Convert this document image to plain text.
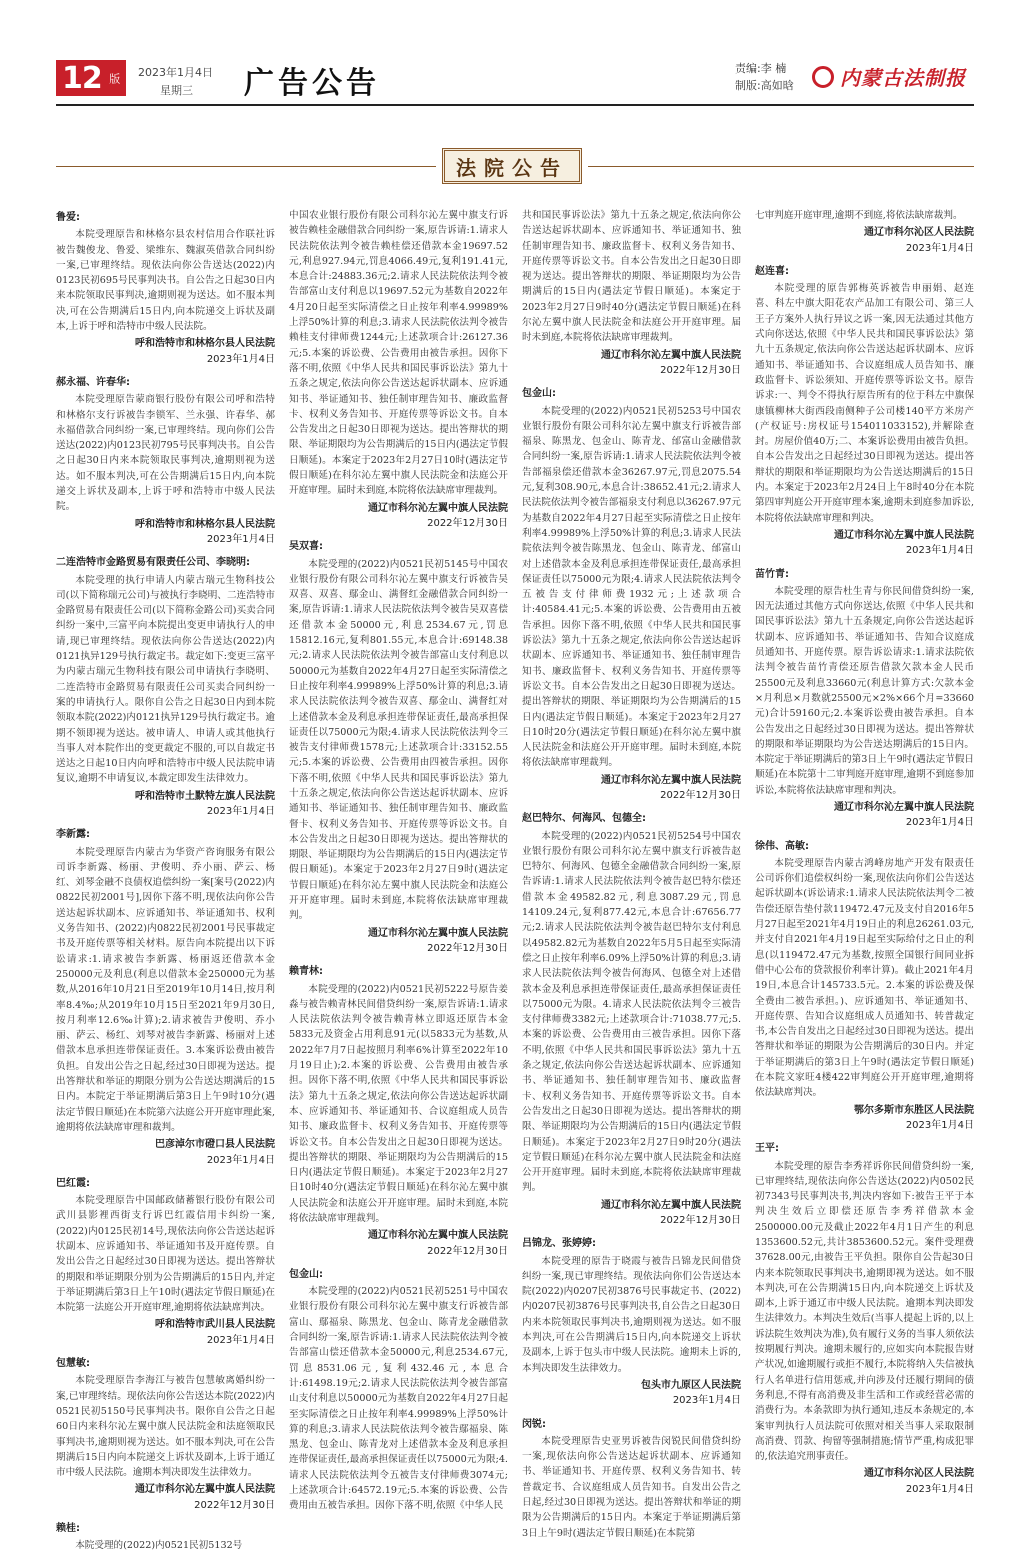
12 版 2023年1月4日
星期三 广告公告	责编:李 楠
制版:高如晗 内蒙古法制报
法院公告
鲁爱:

本院受理原告和林格尔县农村信用合作联社诉被告魏俊龙、鲁爱、梁维东、魏淑英借款合同纠纷一案,已审理终结。现依法向你公告送达(2022)内0123民初695号民事判决书。自公告之日起30日内来本院领取民事判决,逾期则视为送达。如不服本判决,可在公告期满后15日内,向本院递交上诉状及副本,上诉于呼和浩特市中级人民法院。

呼和浩特市和林格尔县人民法院
2023年1月4日
郝永福、许春华:

本院受理原告蒙商银行股份有限公司呼和浩特和林格尔支行诉被告李锁军、兰永强、许春华、郝永福借款合同纠纷一案,已审理终结。现向你们公告送达(2022)内0123民初795号民事判决书。自公告之日起30日内来本院领取民事判决,逾期则视为送达。如不服本判决,可在公告期满后15日内,向本院递交上诉状及副本,上诉于呼和浩特市中级人民法院。

呼和浩特市和林格尔县人民法院
2023年1月4日
二连浩特市金路贸易有限责任公司、李晓明:

本院受理的执行申请人内蒙古瑞元生物科技公司(以下简称瑞元公司)与被执行李晓明、二连浩特市金路贸易有限责任公司(以下简称金路公司)买卖合同纠纷一案中,三富平向本院提出变更申请执行人的申请,现已审理终结。现依法向你公告送达(2022)内0121执异129号执行裁定书。裁定如下:变更三富平为内蒙古瑞元生物科技有限公司申请执行李晓明、二连浩特市金路贸易有限责任公司买卖合同纠纷一案的申请执行人。限你自公告之日起30日内到本院领取本院(2022)内0121执异129号执行裁定书。逾期不领即视为送达。被申请人、申请人或其他执行当事人对本院作出的变更裁定不服的,可以自裁定书送达之日起10日内向呼和浩特市中级人民法院申请复议,逾期不申请复议,本裁定即发生法律效力。

呼和浩特市土默特左旗人民法院
2023年1月4日
李新露:

本院受理原告内蒙古为华资产咨询服务有限公司诉李新露、杨丽、尹俊明、乔小丽、萨云、杨红、刘琴金融不良债权追偿纠纷一案[案号(2022)内0822民初2001号],因你下落不明,现依法向你公告送达起诉状副本、应诉通知书、举证通知书、权利义务告知书、(2022)内0822民初2001号民事裁定书及开庭传票等相关材料。原告向本院提出以下诉讼请求:1.请求被告李新露、杨丽返还借款本金250000元及利息(利息以借款本金250000元为基数,从2016年10月21日至2019年10月14日,按月利率8.4‰;从2019年10月15日至2021年9月30日,按月利率12.6‰计算);2.请求被告尹俊明、乔小丽、萨云、杨红、刘琴对被告李新露、杨丽对上述借款本息承担连带保证责任。3.本案诉讼费由被告负担。自发出公告之日起,经过30日即视为送达。提出答辩状和举证的期限分别为公告送达期满后的15日内。本院定于举证期满后第3日上午9时10分(遇法定节假日顺延)在本院第六法庭公开开庭审理此案,逾期将依法缺席审理和裁判。

巴彦淖尔市磴口县人民法院
2023年1月4日
巴红霞:

本院受理原告中国邮政储蓄银行股份有限公司武川县影裡西街支行诉巴红霞信用卡纠纷一案,(2022)内0125民初14号,现依法向你公告送达起诉状副本、应诉通知书、举证通知书及开庭传票。自发出公告之日起经过30日即视为送达。提出答辩状的期限和举证期限分别为公告期满后的15日内,并定于举证期满后第3日上午10时(遇法定节假日顺延)在本院第一法庭公开开庭审理,逾期将依法缺席判决。

呼和浩特市武川县人民法院
2023年1月4日
包慧敏:

本院受理原告李海江与被告包慧敏离婚纠纷一案,已审理终结。现依法向你公告送达本院(2022)内0521民初5150号民事判决书。限你自公告之日起60日内来科尔沁左翼中旗人民法院金和法庭领取民事判决书,逾期则视为送达。如不服本判决,可在公告期满后15日内向本院递交上诉状及副本,上诉于通辽市中级人民法院。逾期本判决即发生法律效力。

通辽市科尔沁左翼中旗人民法院
2022年12月30日
赖桂:

本院受理的(2022)内0521民初5132号

中国农业银行股份有限公司科尔沁左翼中旗支行诉被告赖桂金融借款合同纠纷一案,原告诉请:1.请求人民法院依法判令被告赖桂偿还借款本金19697.52元,利息927.94元,罚息4066.49元,复利191.41元,本息合计:24883.36元;2.请求人民法院依法判令被告部富山支付利息以19697.52元为基数自2022年4月20日起至实际清偿之日止按年利率4.99989%上浮50%计算的利息;3.请求人民法院依法判令被告赖桂支付律师费1244元;上述款项合计:26127.36元;5.本案的诉讼费、公告费用由被告承担。因你下落不明,依照《中华人民共和国民事诉讼法》第九十五条之规定,依法向你公告送达起诉状副本、应诉通知书、举证通知书、独任制审理告知书、廉政监督卡、权利义务告知书、开庭传票等诉讼文书。自本公告发出之日起30日即视为送达。提出答辩状的期限、举证期限均为公告期满后的15日内(遇法定节假日顺延)。本案定于2023年2月27日10时(遇法定节假日顺延)在科尔沁左翼中旗人民法院金和法庭公开开庭审理。届时未到庭,本院将依法缺席审理裁判。

通辽市科尔沁左翼中旗人民法院
2022年12月30日
吴双喜:

本院受理的(2022)内0521民初5145号中国农业银行股份有限公司科尔沁左翼中旗支行诉被告吴双喜、双喜、鄢金山、满督红金融借款合同纠纷一案,原告诉请:1.请求人民法院依法判令被告吴双喜偿还借款本金50000元,利息2534.67元,罚息15812.16元,复利801.55元,本息合计:69148.38元;2.请求人民法院依法判令被告部富山支付利息以50000元为基数自2022年4月27日起至实际清偿之日止按年利率4.99989%上浮50%计算的利息;3.请求人民法院依法判令被告双喜、鄢金山、满督红对上述借款本金及利息承担连带保证责任,最高承担保证责任以75000元为限;4.请求人民法院依法判令三被告支付律师费1578元;上述款项合计:33152.55元;5.本案的诉讼费、公告费用由四被告承担。因你下落不明,依照《中华人民共和国民事诉讼法》第九十五条之规定,依法向你公告送达起诉状副本、应诉通知书、举证通知书、独任制审理告知书、廉政监督卡、权利义务告知书、开庭传票等诉讼文书。自本公告发出之日起30日即视为送达。提出答辩状的期限、举证期限均为公告期满后的15日内(遇法定节假日顺延)。本案定于2023年2月27日9时(遇法定节假日顺延)在科尔沁左翼中旗人民法院金和法庭公开开庭审理。届时未到庭,本院将依法缺席审理裁判。

通辽市科尔沁左翼中旗人民法院
2022年12月30日
赖青林:

本院受理的(2022)内0521民初5222号原告姜淼与被告赖青林民间借贷纠纷一案,原告诉请:1.请求人民法院依法判令被告赖青林立即返还原告本金5833元及资金占用利息91元(以5833元为基数,从2022年7月7日起按照月利率6%计算至2022年10月19日止);2.本案的诉讼费、公告费用由被告承担。因你下落不明,依照《中华人民共和国民事诉讼法》第九十五条之规定,依法向你公告送达起诉状副本、应诉通知书、举证通知书、合议庭组成人员告知书、廉政监督卡、权利义务告知书、开庭传票等诉讼文书。自本公告发出之日起30日即视为送达。提出答辩状的期限、举证期限均为公告期满后的15日内(遇法定节假日顺延)。本案定于2023年2月27日10时40分(遇法定节假日顺延)在科尔沁左翼中旗人民法院金和法庭公开开庭审理。届时未到庭,本院将依法缺席审理裁判。

通辽市科尔沁左翼中旗人民法院
2022年12月30日
包金山:

本院受理的(2022)内0521民初5251号中国农业银行股份有限公司科尔沁左翼中旗支行诉被告部富山、鄢福泉、陈黑龙、包金山、陈青龙金融借款合同纠纷一案,原告诉请:1.请求人民法院依法判令被告部富山偿还借款本金50000元,利息2534.67元,罚息8531.06元,复利432.46元,本息合计:61498.19元;2.请求人民法院依法判令被告部富山支付利息以50000元为基数自2022年4月27日起至实际清偿之日止按年利率4.99989%上浮50%计算的利息;3.请求人民法院依法判令被告鄢福泉、陈黑龙、包金山、陈青龙对上述借款本金及利息承担连带保证责任,最高承担保证责任以75000元为限;4.请求人民法院依法判令五被告支付律师费3074元;上述款项合计:64572.19元;5.本案的诉讼费、公告费用由五被告承担。因你下落不明,依照《中华人民

共和国民事诉讼法》第九十五条之规定,依法向你公告送达起诉状副本、应诉通知书、举证通知书、独任制审理告知书、廉政监督卡、权利义务告知书、开庭传票等诉讼文书。自本公告发出之日起30日即视为送达。提出答辩状的期限、举证期限均为公告期满后的15日内(遇法定节假日顺延)。本案定于2023年2月27日9时40分(遇法定节假日顺延)在科尔沁左翼中旗人民法院金和法庭公开开庭审理。届时未到庭,本院将依法缺席审理裁判。

通辽市科尔沁左翼中旗人民法院
2022年12月30日
包金山:

本院受理的(2022)内0521民初5253号中国农业银行股份有限公司科尔沁左翼中旗支行诉被告部福泉、陈黑龙、包金山、陈青龙、邰富山金融借款合同纠纷一案,原告诉请:1.请求人民法院依法判令被告部福泉偿还借款本金36267.97元,罚息2075.54元,复利308.90元,本息合计:38652.41元;2.请求人民法院依法判令被告部福泉支付利息以36267.97元为基数自2022年4月27日起至实际清偿之日止按年利率4.99989%上浮50%计算的利息;3.请求人民法院依法判令被告陈黑龙、包金山、陈青龙、邰富山对上述借款本金及利息承担连带保证责任,最高承担保证责任以75000元为限;4.请求人民法院依法判令五被告支付律师费1932元;上述款项合计:40584.41元;5.本案的诉讼费、公告费用由五被告承担。因你下落不明,依照《中华人民共和国民事诉讼法》第九十五条之规定,依法向你公告送达起诉状副本、应诉通知书、举证通知书、独任制审理告知书、廉政监督卡、权利义务告知书、开庭传票等诉讼文书。自本公告发出之日起30日即视为送达。提出答辩状的期限、举证期限均为公告期满后的15日内(遇法定节假日顺延)。本案定于2023年2月27日10时20分(遇法定节假日顺延)在科尔沁左翼中旗人民法院金和法庭公开开庭审理。届时未到庭,本院将依法缺席审理裁判。

通辽市科尔沁左翼中旗人民法院
2022年12月30日
赵巴特尔、何海风、包德全:

本院受理的(2022)内0521民初5254号中国农业银行股份有限公司科尔沁左翼中旗支行诉被告赵巴特尔、何海风、包德全金融借款合同纠纷一案,原告诉请:1.请求人民法院依法判令被告赵巴特尔偿还借款本金49582.82元,利息3087.29元,罚息14109.24元,复利877.42元,本息合计:67656.77元;2.请求人民法院依法判令被告赵巴特尔支付利息以49582.82元为基数自2022年5月5日起至实际清偿之日止按年利率6.09%上浮50%计算的利息;3.请求人民法院依法判令被告何海风、包德全对上述借款本金及利息承担连带保证责任,最高承担保证责任以75000元为限。4.请求人民法院依法判令三被告支付律师费3382元;上述款项合计:71038.77元;5.本案的诉讼费、公告费用由三被告承担。因你下落不明,依照《中华人民共和国民事诉讼法》第九十五条之规定,依法向你公告送达起诉状副本、应诉通知书、举证通知书、独任制审理告知书、廉政监督卡、权利义务告知书、开庭传票等诉讼文书。自本公告发出之日起30日即视为送达。提出答辩状的期限、举证期限均为公告期满后的15日内(遇法定节假日顺延)。本案定于2023年2月27日9时20分(遇法定节假日顺延)在科尔沁左翼中旗人民法院金和法庭公开开庭审理。届时未到庭,本院将依法缺席审理裁判。

通辽市科尔沁左翼中旗人民法院
2022年12月30日
吕锦龙、张婷婷:

本院受理的原告于晓霞与被告吕锦龙民间借贷纠纷一案,现已审理终结。现依法向你们公告送达本院(2022)内0207民初3876号民事裁定书、(2022)内0207民初3876号民事判决书,自公告之日起30日内来本院领取民事判决书,逾期则视为送达。如不服本判决,可在公告期满后15日内,向本院递交上诉状及副本,上诉于包头市中级人民法院。逾期未上诉的,本判决即发生法律效力。

包头市九原区人民法院
2023年1月4日
闵锐:

本院受理原告史亚男诉被告闵锐民间借贷纠纷一案,现依法向你公告送达起诉状副本、应诉通知书、举证通知书、开庭传票、权利义务告知书、转普裁定书、合议庭组成人员告知书。自发出公告之日起,经过30日即视为送达。提出答辩状和举证的期限为公告期满后的15日内。本案定于举证期满后第3日上午9时(遇法定节假日顺延)在本院第

七审判庭开庭审理,逾期不到庭,将依法缺席裁判。

通辽市科尔沁区人民法院
2023年1月4日
赵连喜:

本院受理的原告郭梅英诉被告申丽娟、赵连喜、科左中旗大阳花农产品加工有限公司、第三人王子方案外人执行异议之诉一案,因无法通过其他方式向你送达,依照《中华人民共和国民事诉讼法》第九十五条规定,依法向你公告送达起诉状副本、应诉通知书、举证通知书、合议庭组成人员告知书、廉政监督卡、诉讼须知、开庭传票等诉讼文书。原告诉求:一、判令不得执行原告所有的位于科左中旗保康镇柳林大街西段南侧种子公司楼140平方米房产(产权证号:房权证号154011033152),并解除查封。房屋价值40万;二、本案诉讼费用由被告负担。自本公告发出之日起经过30日即视为送达。提出答辩状的期限和举证期限均为公告送达期满后的15日内。本案定于2023年2月24日上午8时40分在本院第四审判庭公开开庭审理本案,逾期未到庭参加诉讼,本院将依法缺席审理和判决。

通辽市科尔沁左翼中旗人民法院
2023年1月4日
苗竹青:

本院受理的原告杜生青与你民间借贷纠纷一案,因无法通过其他方式向你送达,依照《中华人民共和国民事诉讼法》第九十五条规定,向你公告送达起诉状副本、应诉通知书、举证通知书、告知合议庭成员通知书、开庭传票。原告诉讼请求:1.请求法院依法判令被告苗竹青偿还原告借款欠款本金人民币25500元及利息33660元(利息计算方式:欠款本金×月利息×月数就25500元×2%×66个月=33660元)合计59160元;2.本案诉讼费由被告承担。自本公告发出之日起经过30日即视为送达。提出答辩状的期限和举证期限均为公告送达期满后的15日内。本院定于举证期满后的第3日上午9时(遇法定节假日顺延)在本院第十二审判庭开庭审理,逾期不到庭参加诉讼,本院将依法缺席审理和判决。

通辽市科尔沁左翼中旗人民法院
2023年1月4日
徐伟、高敏:

本院受理原告内蒙古鸿峰房地产开发有限责任公司诉你们追偿权纠纷一案,现依法向你们公告送达起诉状副本(诉讼请求:1.请求人民法院依法判令二被告偿还原告垫付款119472.47元及支付自2016年5月27日起至2021年4月19日止的利息26261.03元,并支付自2021年4月19日起至实际给付之日止的利息(以119472.47元为基数,按照全国银行间同业拆借中心公布的贷款报价利率计算)。截止2021年4月19日,本息合计145733.5元。2.本案的诉讼费及保全费由二被告承担。)、应诉通知书、举证通知书、开庭传票、告知合议庭组成人员通知书、转普裁定书,本公告自发出之日起经过30日即视为送达。提出答辩状和举证的期限为公告期满后的30日内。并定于举证期满后的第3日上午9时(遇法定节假日顺延)在本院文家旺4楼422审判庭公开开庭审理,逾期将依法缺席判决。

鄂尔多斯市东胜区人民法院
2023年1月4日
王平:

本院受理的原告李秀祥诉你民间借贷纠纷一案,已审理终结,现依法向你公告送达(2022)内0502民初7343号民事判决书,判决内容如下:被告王平于本判决生效后立即偿还原告李秀祥借款本金2500000.00元及截止2022年4月1日产生的利息1353600.52元,共计3853600.52元。案件受理费37628.00元,由被告王平负担。限你自公告起30日内来本院领取民事判决书,逾期即视为送达。如不服本判决,可在公告期满15日内,向本院递交上诉状及副本,上诉于通辽市中级人民法院。逾期本判决即发生法律效力。本判决生效后(当事人提起上诉的,以上诉法院生效判决为准),负有履行义务的当事人须依法按期履行判决。逾期未履行的,应如实向本院报告财产状况,如逾期履行或拒不履行,本院将纳入失信被执行人名单进行信用惩戒,并向涉及付还履行期间的债务利息,不得有高消费及非生活和工作或经营必需的消费行为。本条款即为执行通知,违反本条规定的,本案审判执行人员法院可依照对相关当事人采取限制高消费、罚款、拘留等强制措施;情节严重,构成犯罪的,依法追究刑事责任。

通辽市科尔沁区人民法院
2023年1月4日
